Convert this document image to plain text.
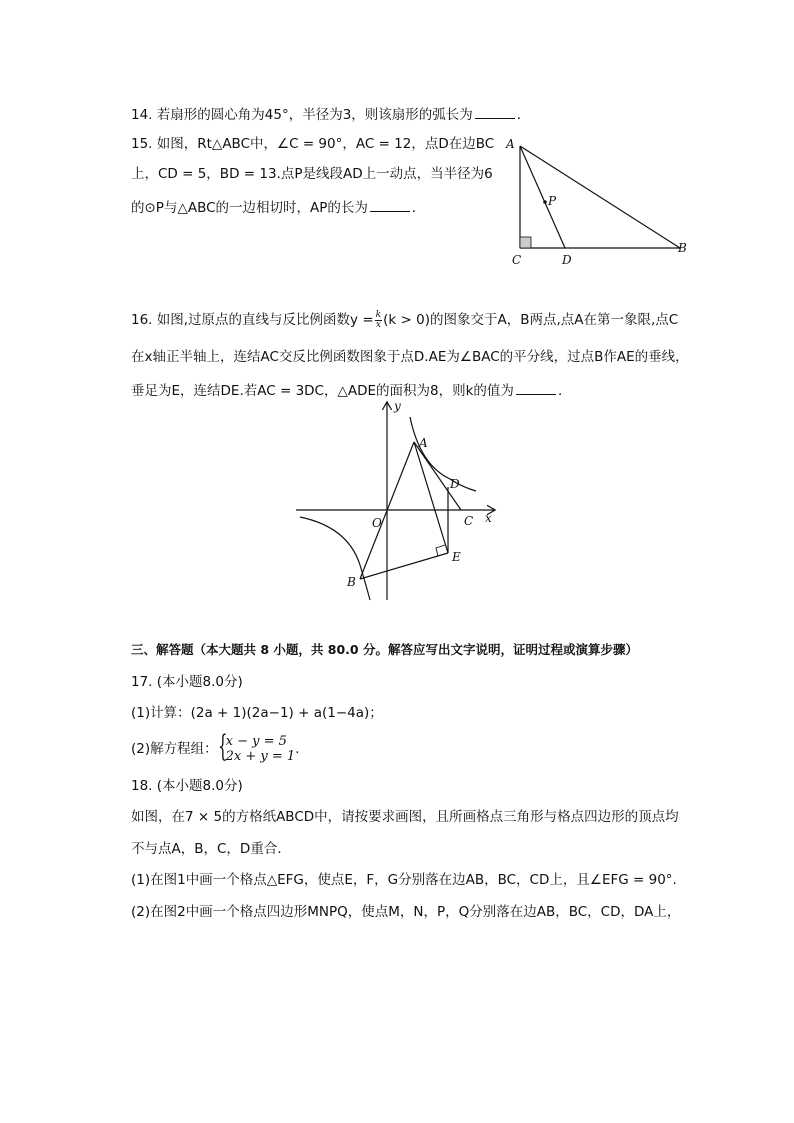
14. 若扇形的圆心角为45°，半径为3，则该扇形的弧长为	．
15. 如图，Rt△ABC中，∠C = 90°，AC = 12，点D在边BC
上，CD = 5，BD = 13.点P是线段AD上一动点，当半径为6
的⊙P与△ABC的一边相切时，AP的长为	．
A
B
C	D
P
16. 如图,过原点的直线与反比例函数$y = \frac{k}{x} (k > 0)$的图象交于A，B两点,点A在第一象限,点C
在x轴正半轴上，连结AC交反比例函数图象于点D.AE为∠BAC的平分线，过点B作AE的垂线，
垂足为E，连结DE.若AC = 3DC，△ADE的面积为8，则k的值为	．
A
B
C
D
E
O	x
y
三、解答题（本大题共 8 小题，共 80.0 分。解答应写出文字说明，证明过程或演算步骤）
17. (本小题8.0分)
(1)计算：(2a + 1)(2a−1) + a(1−4a)；
(2)解方程组： {
x − y = 5
2x + y = 1 .
18. (本小题8.0分)
如图，在7 × 5的方格纸ABCD中，请按要求画图，且所画格点三角形与格点四边形的顶点均
不与点A，B，C，D重合．
(1)在图1中画一个格点△EFG，使点E，F，G分别落在边AB，BC，CD上，且∠EFG = 90°.
(2)在图2中画一个格点四边形MNPQ，使点M，N，P，Q分别落在边AB，BC，CD，DA上，
